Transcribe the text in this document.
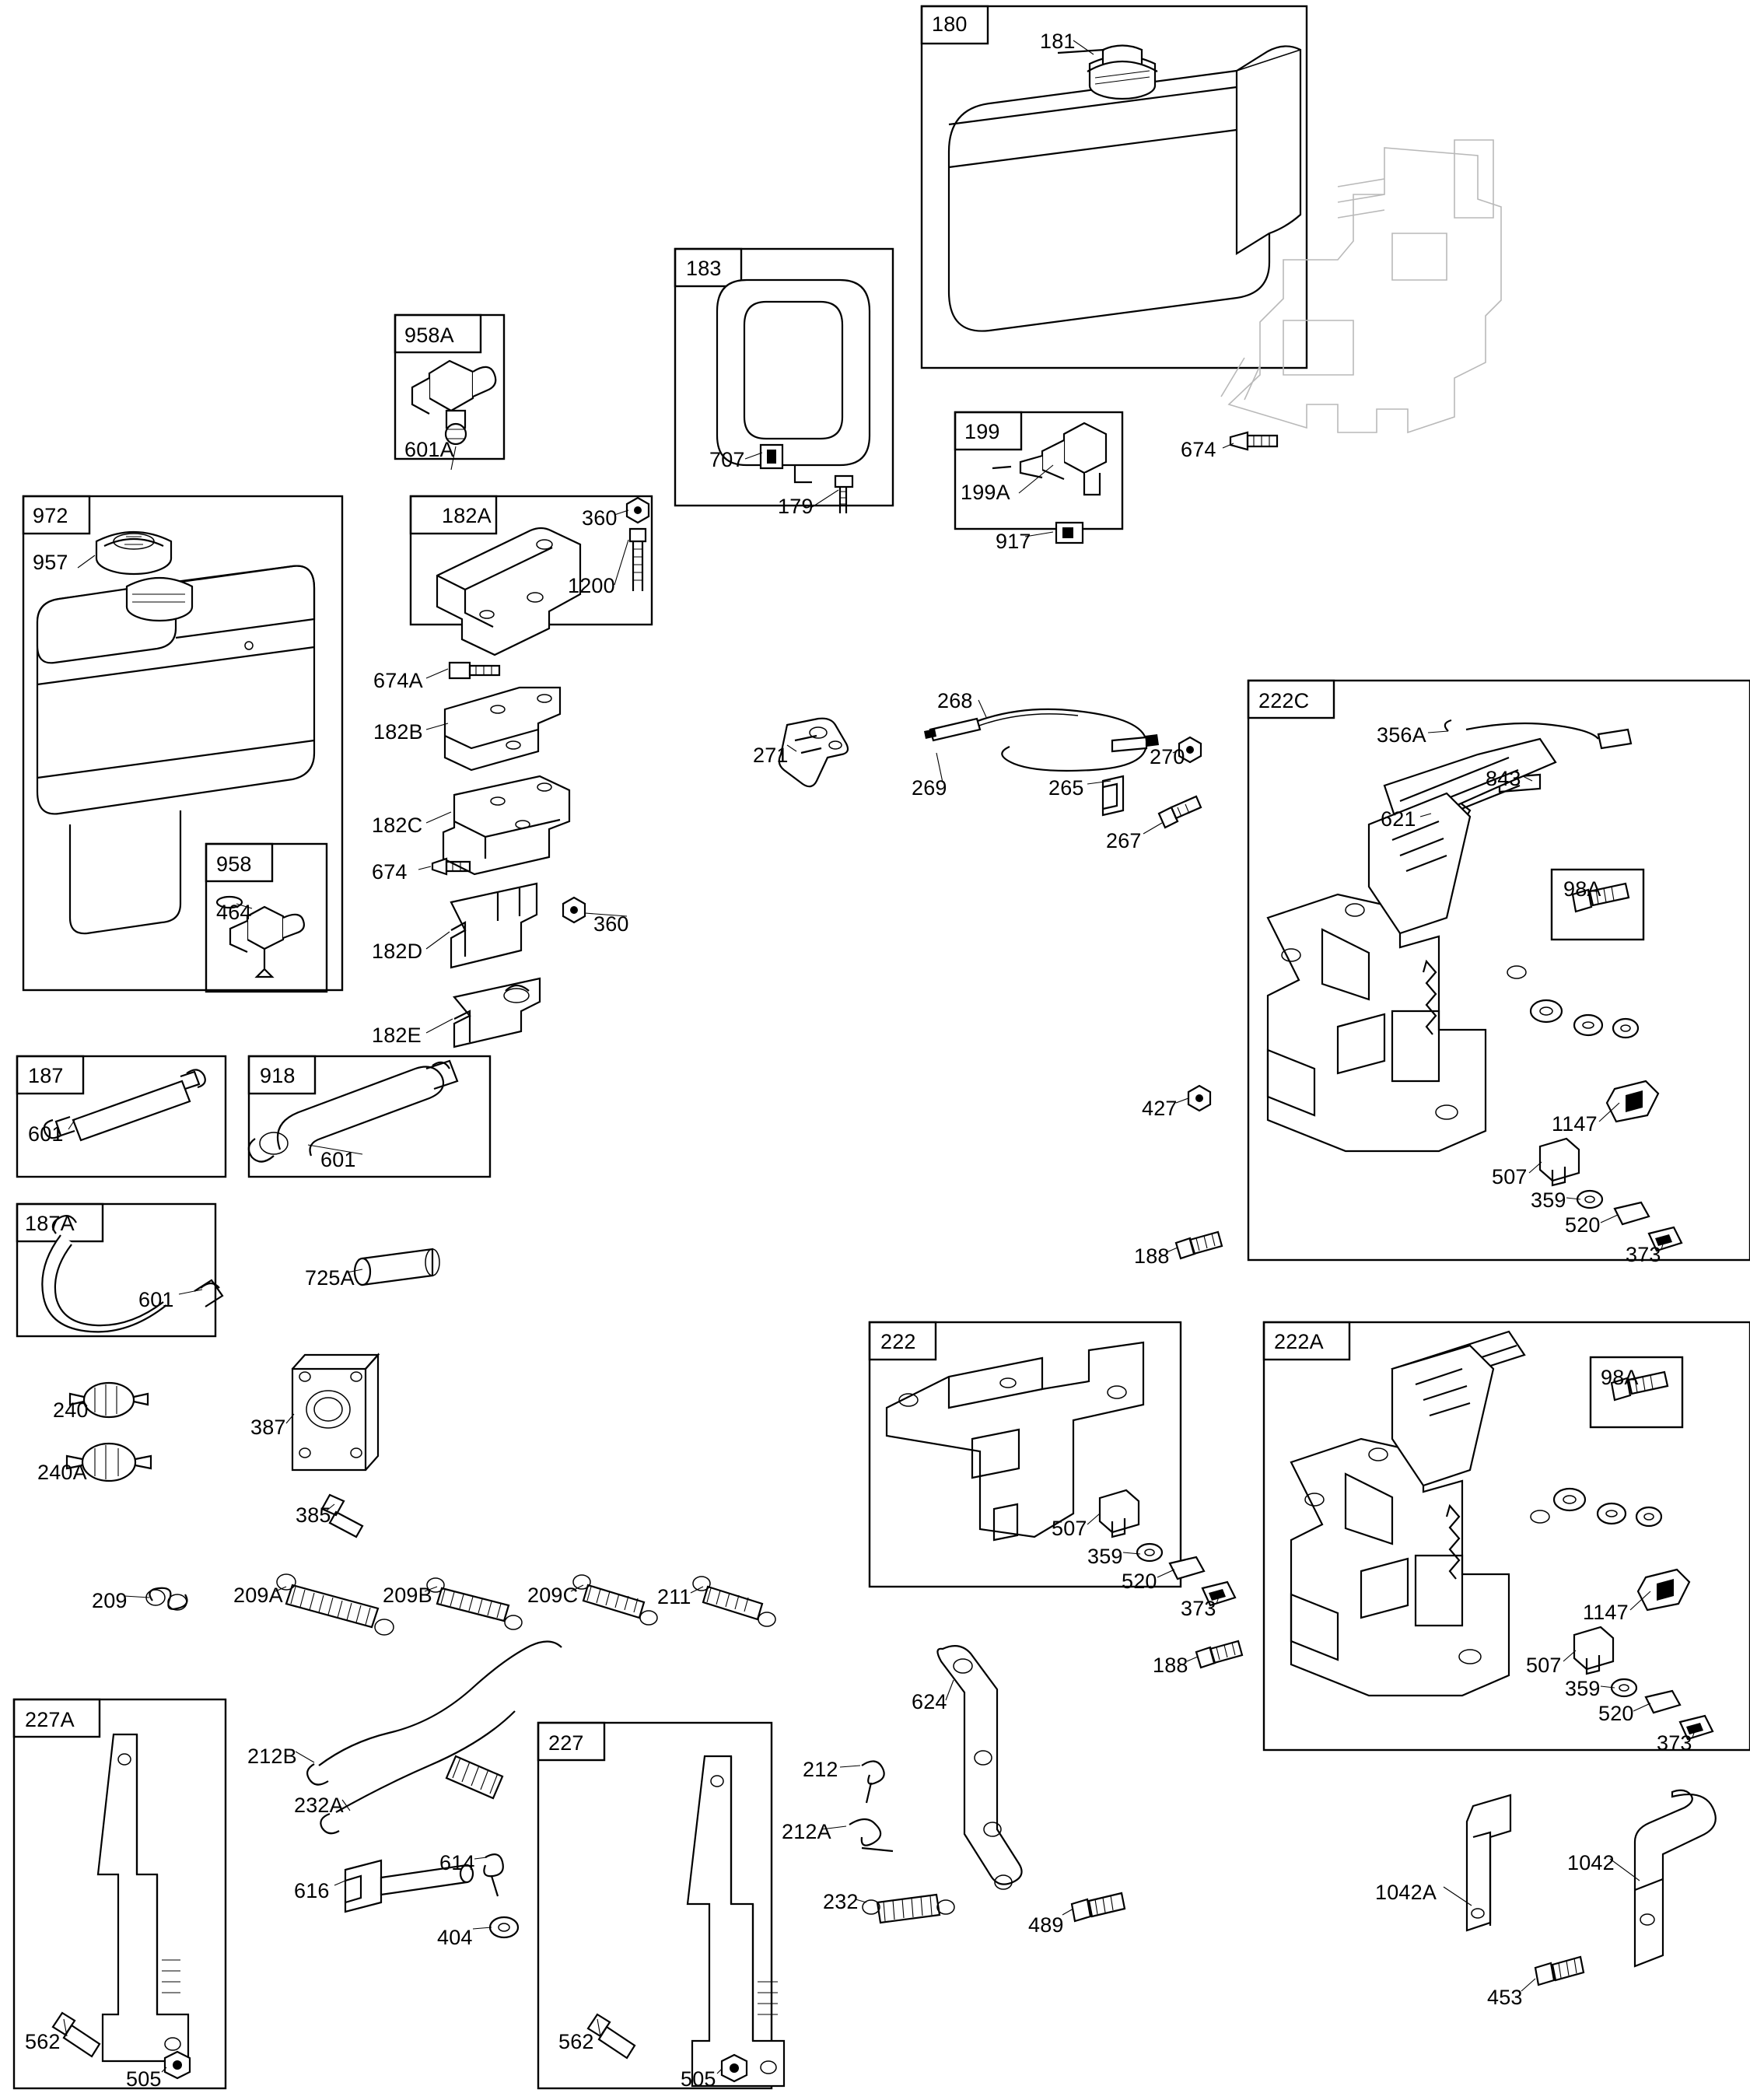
180
181
183
958A
601A
199
199A
674
707
179
917
972
957
182A	360
1200
674A
182B
182C
674
182D
360
182E
958
464
187
601
918
601
187A
601
725A
268
271
269	265
270
267
222C
356A
843
621
98A
427
1147
507
359
520
373
188
222
507
359
520
373
188
222A
98A
1147
507
359
520
373
240
240A
387
385
209	209A	209B	209C	211
227A
562
505
212B
232A
616
614
404
227
562
505
624
212
212A
232
489
1042A
1042
453
